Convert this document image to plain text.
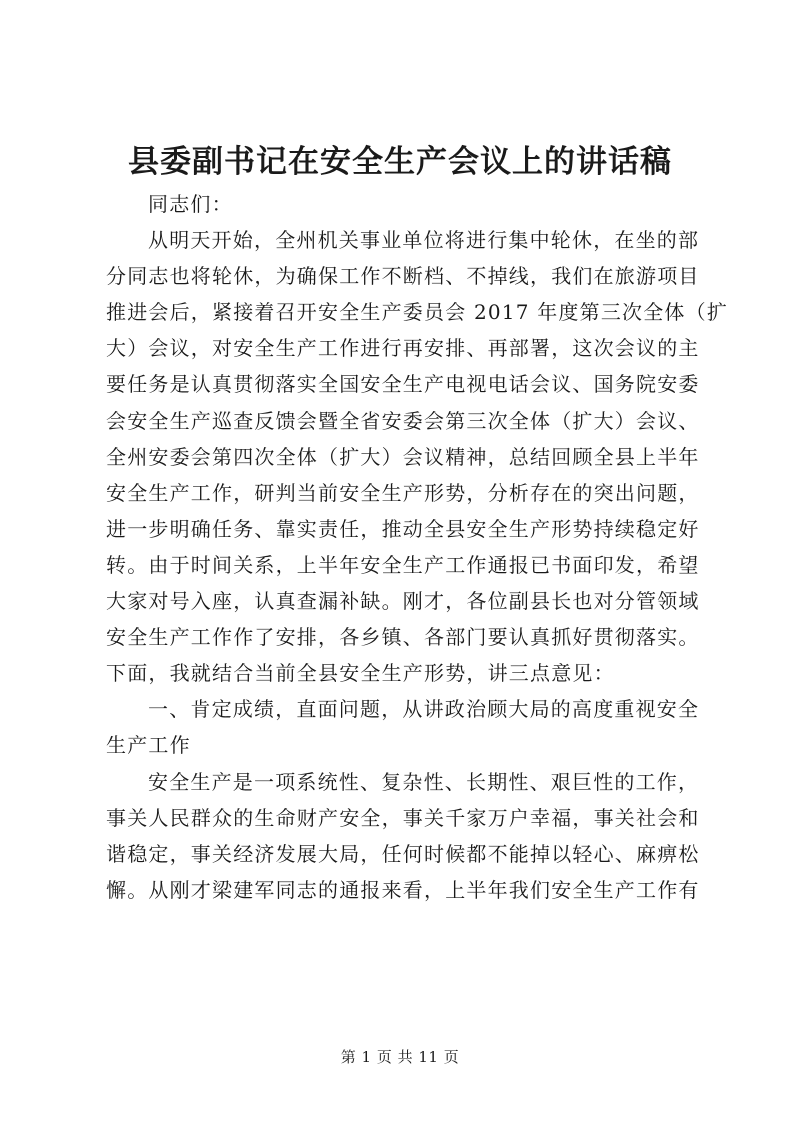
县委副书记在安全生产会议上的讲话稿
同志们：
从明天开始，全州机关事业单位将进行集中轮休，在坐的部
分同志也将轮休，为确保工作不断档、不掉线，我们在旅游项目
推进会后，紧接着召开安全生产委员会 2017 年度第三次全体（扩
大）会议，对安全生产工作进行再安排、再部署，这次会议的主
要任务是认真贯彻落实全国安全生产电视电话会议、国务院安委
会安全生产巡查反馈会暨全省安委会第三次全体（扩大）会议、
全州安委会第四次全体（扩大）会议精神，总结回顾全县上半年
安全生产工作，研判当前安全生产形势，分析存在的突出问题，
进一步明确任务、靠实责任，推动全县安全生产形势持续稳定好
转。由于时间关系，上半年安全生产工作通报已书面印发，希望
大家对号入座，认真查漏补缺。刚才，各位副县长也对分管领域
安全生产工作作了安排，各乡镇、各部门要认真抓好贯彻落实。
下面，我就结合当前全县安全生产形势，讲三点意见：
一、肯定成绩，直面问题，从讲政治顾大局的高度重视安全
生产工作
安全生产是一项系统性、复杂性、长期性、艰巨性的工作，
事关人民群众的生命财产安全，事关千家万户幸福，事关社会和
谐稳定，事关经济发展大局，任何时候都不能掉以轻心、麻痹松
懈。从刚才梁建军同志的通报来看，上半年我们安全生产工作有
第 1 页 共 11 页
